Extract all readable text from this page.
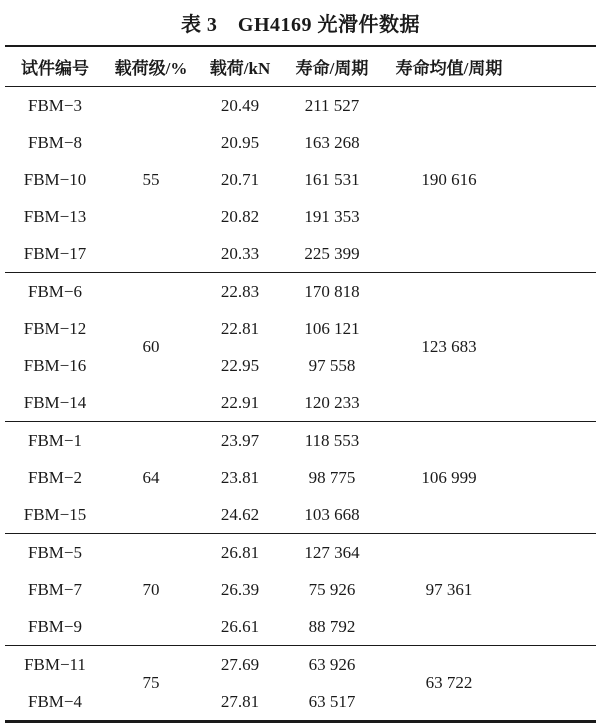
表 3　GH4169 光滑件数据
试件编号	载荷级/%	载荷/kN	寿命/周期	寿命均值/周期	
FBM−3	55	20.49	211 527	190 616	
FBM−8		20.95	163 268		
FBM−10		20.71	161 531		
FBM−13		20.82	191 353		
FBM−17		20.33	225 399		
FBM−6	60	22.83	170 818	123 683	
FBM−12		22.81	106 121		
FBM−16		22.95	97 558		
FBM−14		22.91	120 233		
FBM−1	64	23.97	118 553	106 999	
FBM−2		23.81	98 775		
FBM−15		24.62	103 668		
FBM−5	70	26.81	127 364	97 361	
FBM−7		26.39	75 926		
FBM−9		26.61	88 792		
FBM−11	75	27.69	63 926	63 722	
FBM−4		27.81	63 517		
